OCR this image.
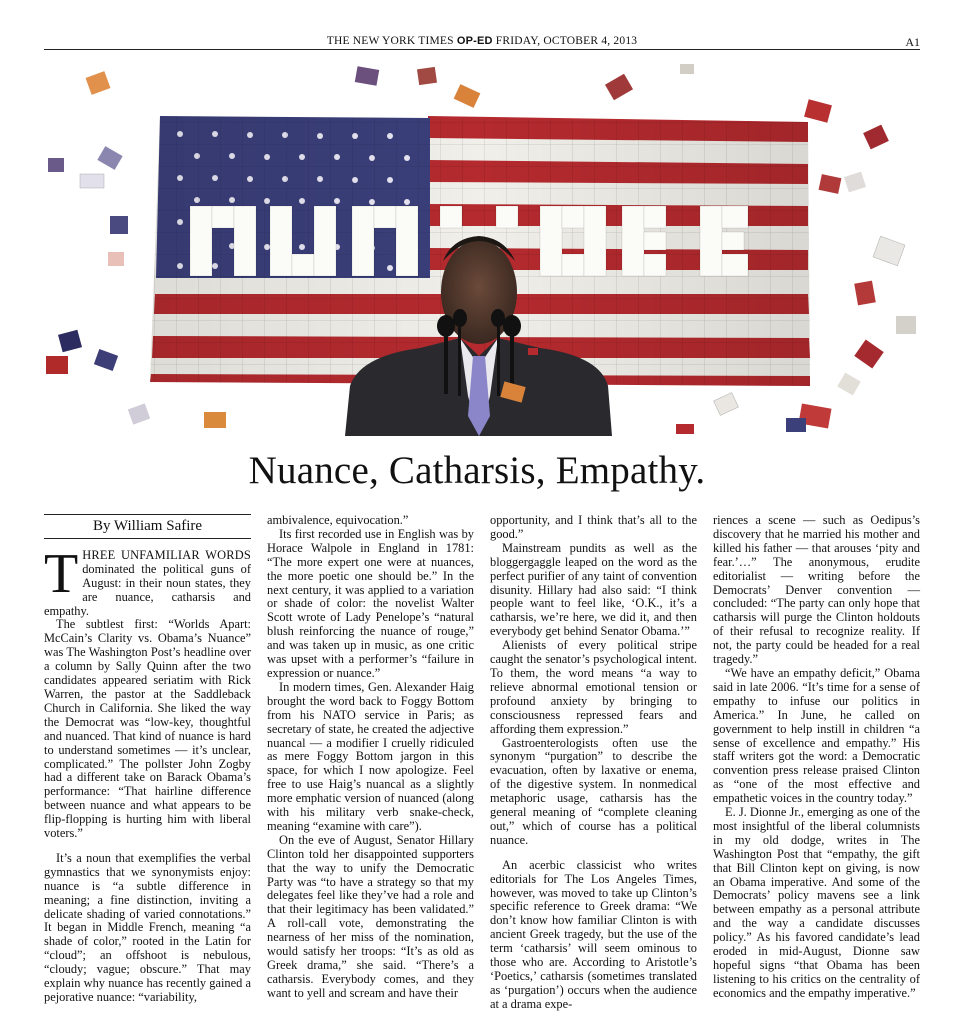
THE NEW YORK TIMES OP-ED FRIDAY, OCTOBER 4, 2013	A1
Nuance, Catharsis, Empathy.
By William Safire

THREE UNFAMILIAR WORDS dominated the political guns of August: in their noun states, they are nuance, catharsis and empathy.

The subtlest first: “Worlds Apart: McCain’s Clarity vs. Obama’s Nuance” was The Washington Post’s headline over a column by Sally Quinn after the two candidates appeared seriatim with Rick Warren, the pastor at the Saddleback Church in California. She liked the way the Democrat was “low-key, thoughtful and nuanced. That kind of nuance is hard to understand sometimes — it’s unclear, complicated.” The pollster John Zogby had a different take on Barack Obama’s performance: “That hairline difference between nuance and what appears to be flip-flopping is hurting him with liberal voters.”

It’s a noun that exemplifies the verbal gymnastics that we synonymists enjoy: nuance is “a subtle difference in meaning; a fine distinction, inviting a delicate shading of varied connotations.” It began in Middle French, meaning “a shade of color,” rooted in the Latin for “cloud”; an offshoot is nebulous, “cloudy; vague; obscure.” That may explain why nuance has recently gained a pejorative nuance: “variability,

ambivalence, equivocation.”

Its first recorded use in English was by Horace Walpole in England in 1781: “The more expert one were at nuances, the more poetic one should be.” In the next century, it was applied to a variation or shade of color: the novelist Walter Scott wrote of Lady Penelope’s “natural blush reinforcing the nuance of rouge,” and was taken up in music, as one critic was upset with a performer’s “failure in expression or nuance.”

In modern times, Gen. Alexander Haig brought the word back to Foggy Bottom from his NATO service in Paris; as secretary of state, he created the adjective nuancal — a modifier I cruelly ridiculed as mere Foggy Bottom jargon in this space, for which I now apologize. Feel free to use Haig’s nuancal as a slightly more emphatic version of nuanced (along with his military verb snake-check, meaning “examine with care”).

On the eve of August, Senator Hillary Clinton told her disappointed supporters that the way to unify the Democratic Party was “to have a strategy so that my delegates feel like they’ve had a role and that their legitimacy has been validated.” A roll-call vote, demonstrating the nearness of her miss of the nomination, would satisfy her troops: “It’s as old as Greek drama,” she said. “There’s a catharsis. Everybody comes, and they want to yell and scream and have their

opportunity, and I think that’s all to the good.”

Mainstream pundits as well as the bloggergaggle leaped on the word as the perfect purifier of any taint of convention disunity. Hillary had also said: “I think people want to feel like, ‘O.K., it’s a catharsis, we’re here, we did it, and then everybody get behind Senator Obama.’”

Alienists of every political stripe caught the senator’s psychological intent. To them, the word means “a way to relieve abnormal emotional tension or profound anxiety by bringing to consciousness repressed fears and affording them expression.”

Gastroenterologists often use the synonym “purgation” to describe the evacuation, often by laxative or enema, of the digestive system. In nonmedical metaphoric usage, catharsis has the general meaning of “complete cleaning out,” which of course has a political nuance.

An acerbic classicist who writes editorials for The Los Angeles Times, however, was moved to take up Clinton’s specific reference to Greek drama: “We don’t know how familiar Clinton is with ancient Greek tragedy, but the use of the term ‘catharsis’ will seem ominous to those who are. According to Aristotle’s ‘Poetics,’ catharsis (sometimes translated as ‘purgation’) occurs when the audience at a drama expe-

riences a scene — such as Oedipus’s discovery that he married his mother and killed his father — that arouses ‘pity and fear.’…” The anonymous, erudite editorialist — writing before the Democrats’ Denver convention — concluded: “The party can only hope that catharsis will purge the Clinton holdouts of their refusal to recognize reality. If not, the party could be headed for a real tragedy.”

“We have an empathy deficit,” Obama said in late 2006. “It’s time for a sense of empathy to infuse our politics in America.” In June, he called on government to help instill in children “a sense of excellence and empathy.” His staff writers got the word: a Democratic convention press release praised Clinton as “one of the most effective and empathetic voices in the country today.”

E. J. Dionne Jr., emerging as one of the most insightful of the liberal columnists in my old dodge, writes in The Washington Post that “empathy, the gift that Bill Clinton kept on giving, is now an Obama imperative. And some of the Democrats’ policy mavens see a link between empathy as a personal attribute and the way a candidate discusses policy.” As his favored candidate’s lead eroded in mid-August, Dionne saw hopeful signs “that Obama has been listening to his critics on the centrality of economics and the empathy imperative.”
